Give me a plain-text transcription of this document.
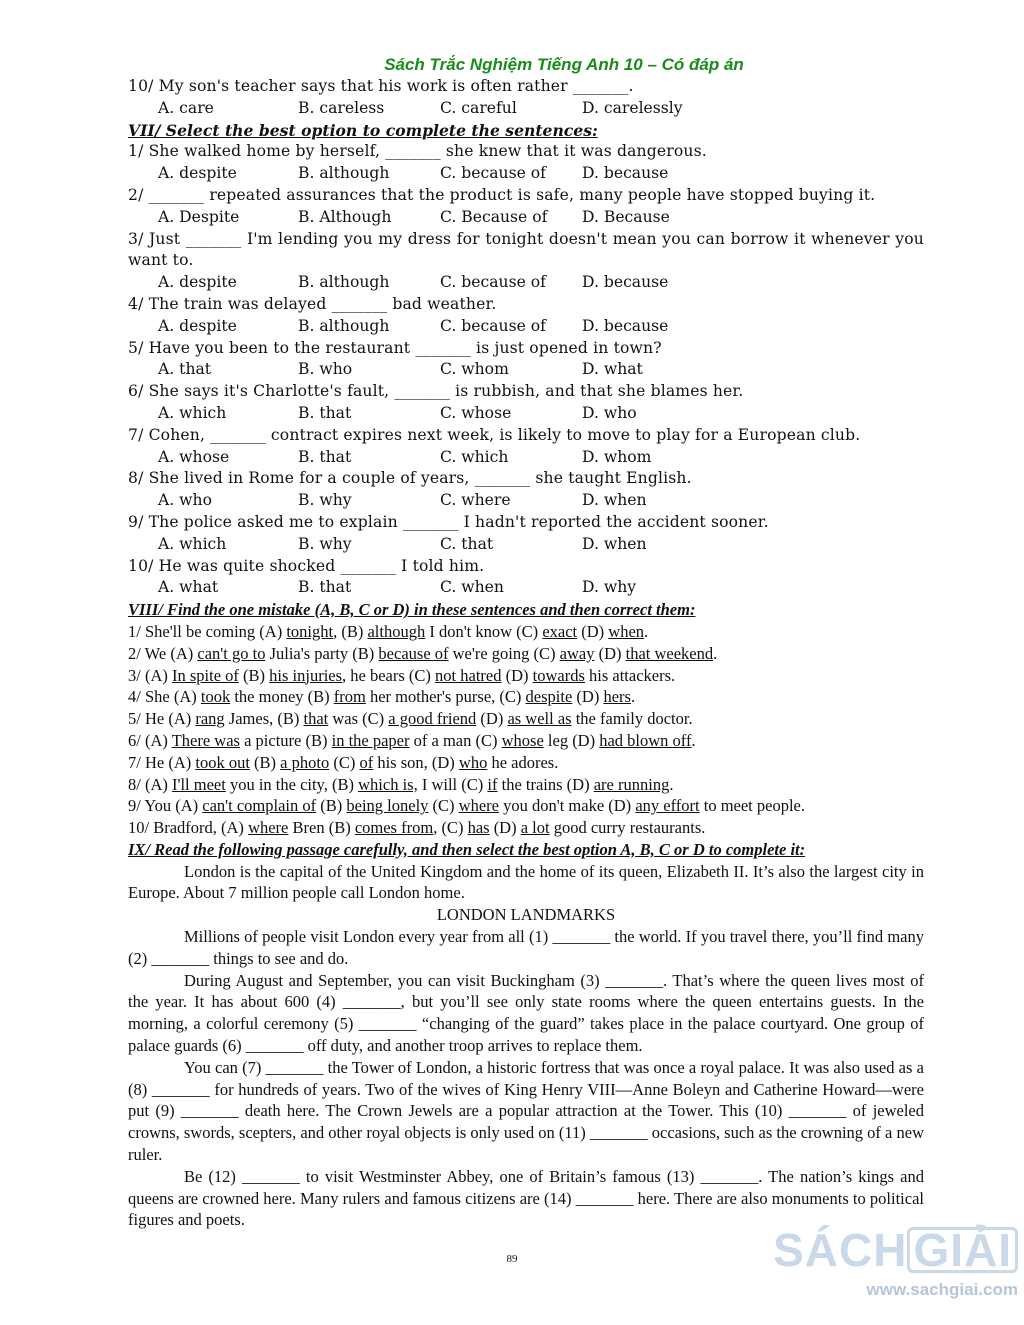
Sách Trắc Nghiệm Tiếng Anh 10 – Có đáp án
10/ My son's teacher says that his work is often rather _______.
A. care	B. careless	C. careful	D. carelessly
VII/ Select the best option to complete the sentences:
1/ She walked home by herself, _______ she knew that it was dangerous.
A. despite	B. although	C. because of D. because
2/ _______ repeated assurances that the product is safe, many people have stopped buying it.
A. Despite	B. Although	C. Because of D. Because
3/ Just _______ I'm lending you my dress for tonight doesn't mean you can borrow it whenever you want to.
A. despite	B. although	C. because of D. because
4/ The train was delayed _______ bad weather.
A. despite	B. although	C. because of D. because
5/ Have you been to the restaurant _______ is just opened in town?
A. that	B. who	C. whom	D. what
6/ She says it's Charlotte's fault, _______ is rubbish, and that she blames her.
A. which	B. that	C. whose	D. who
7/ Cohen, _______ contract expires next week, is likely to move to play for a European club.
A. whose	B. that	C. which	D. whom
8/ She lived in Rome for a couple of years, _______ she taught English.
A. who	B. why	C. where	D. when
9/ The police asked me to explain _______ I hadn't reported the accident sooner.
A. which	B. why	C. that	D. when
10/ He was quite shocked _______ I told him.
A. what	B. that	C. when	D. why
VIII/ Find the one mistake (A, B, C or D) in these sentences and then correct them:
1/ She'll be coming (A) tonight, (B) although I don't know (C) exact (D) when.
2/ We (A) can't go to Julia's party (B) because of we're going (C) away (D) that weekend.
3/ (A) In spite of (B) his injuries, he bears (C) not hatred (D) towards his attackers.
4/ She (A) took the money (B) from her mother's purse, (C) despite (D) hers.
5/ He (A) rang James, (B) that was (C) a good friend (D) as well as the family doctor.
6/ (A) There was a picture (B) in the paper of a man (C) whose leg (D) had blown off.
7/ He (A) took out (B) a photo (C) of his son, (D) who he adores.
8/ (A) I'll meet you in the city, (B) which is, I will (C) if the trains (D) are running.
9/ You (A) can't complain of (B) being lonely (C) where you don't make (D) any effort to meet people.
10/ Bradford, (A) where Bren (B) comes from, (C) has (D) a lot good curry restaurants.
IX/ Read the following passage carefully, and then select the best option A, B, C or D to complete it:

London is the capital of the United Kingdom and the home of its queen, Elizabeth II. It’s also the largest city in Europe. About 7 million people call London home.

LONDON LANDMARKS

Millions of people visit London every year from all (1) _______ the world. If you travel there, you’ll find many (2) _______ things to see and do.

During August and September, you can visit Buckingham (3) _______. That’s where the queen lives most of the year. It has about 600 (4) _______, but you’ll see only state rooms where the queen entertains guests. In the morning, a colorful ceremony (5) _______ “changing of the guard” takes place in the palace courtyard. One group of palace guards (6) _______ off duty, and another troop arrives to replace them.

You can (7) _______ the Tower of London, a historic fortress that was once a royal palace. It was also used as a (8) _______ for hundreds of years. Two of the wives of King Henry VIII—Anne Boleyn and Catherine Howard—were put (9) _______ death here. The Crown Jewels are a popular attraction at the Tower. This (10) _______ of jeweled crowns, swords, scepters, and other royal objects is only used on (11) _______ occasions, such as the crowning of a new ruler.

Be (12) _______ to visit Westminster Abbey, one of Britain’s famous (13) _______. The nation’s kings and queens are crowned here. Many rulers and famous citizens are (14) _______ here. There are also monuments to political figures and poets.

89	SÁCH GIẢI
www.sachgiai.com
